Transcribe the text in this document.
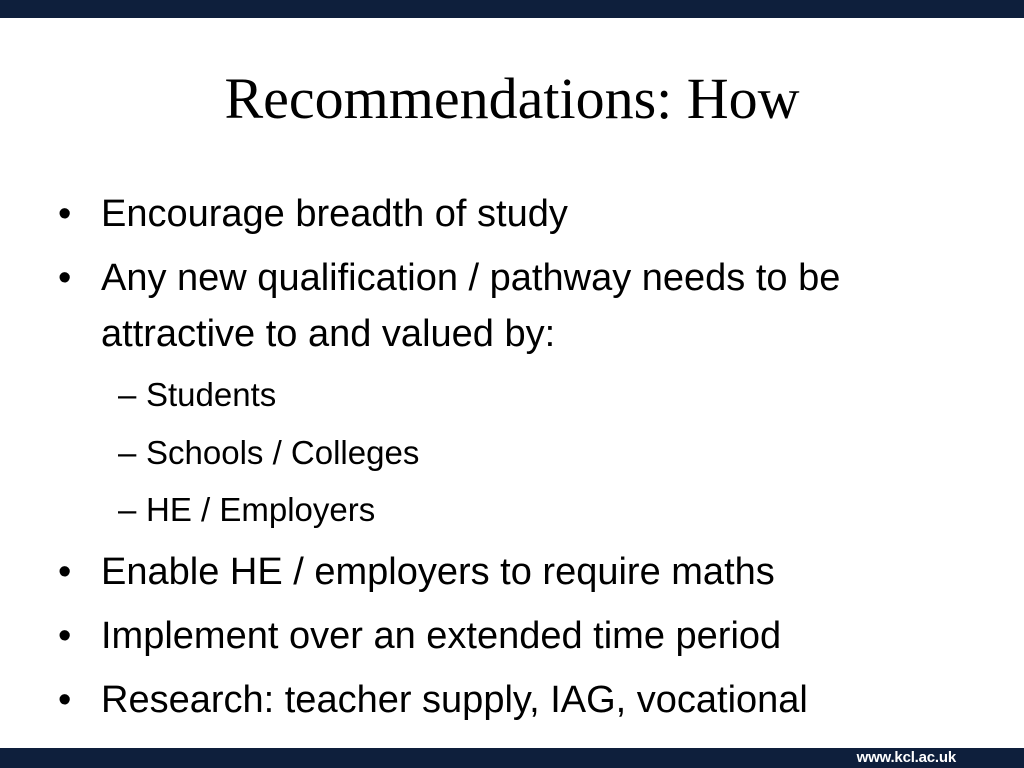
Recommendations: How
• Encourage breadth of study
• Any new qualification / pathway needs to be attractive to and valued by:
– Students
– Schools / Colleges
– HE / Employers
• Enable HE / employers to require maths
• Implement over an extended time period
• Research: teacher supply, IAG, vocational
www.kcl.ac.uk
